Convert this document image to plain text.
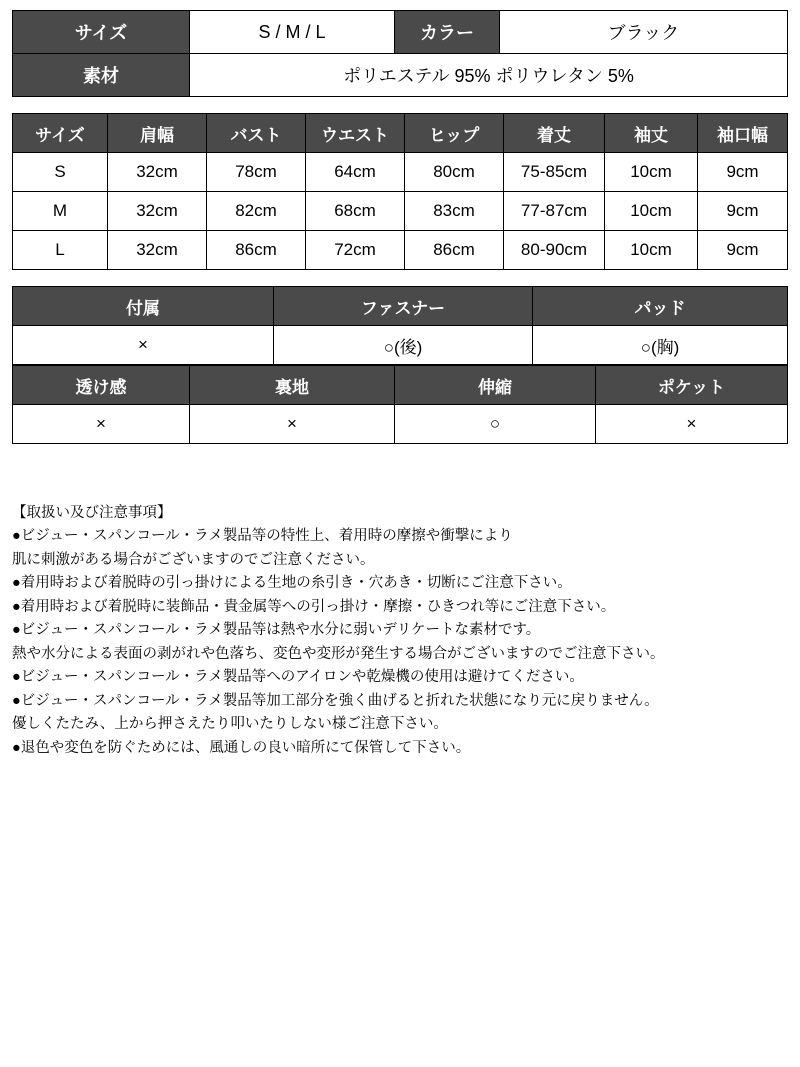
サイズ	S / M / L	カラー	ブラック
素材	ポリエステル 95% ポリウレタン 5%		
サイズ	肩幅	バスト	ウエスト	ヒップ	着丈	袖丈	袖口幅
S	32cm	78cm	64cm	80cm	75-85cm	10cm	9cm
M	32cm	82cm	68cm	83cm	77-87cm	10cm	9cm
L	32cm	86cm	72cm	86cm	80-90cm	10cm	9cm
付属	ファスナー	パッド
×	○(後)	○(胸)
透け感	裏地	伸縮	ポケット
×	×	○	×

【取扱い及び注意事項】

●ビジュー・スパンコール・ラメ製品等の特性上、着用時の摩擦や衝撃により

肌に刺激がある場合がございますのでご注意ください。

●着用時および着脱時の引っ掛けによる生地の糸引き・穴あき・切断にご注意下さい。

●着用時および着脱時に装飾品・貴金属等への引っ掛け・摩擦・ひきつれ等にご注意下さい。

●ビジュー・スパンコール・ラメ製品等は熱や水分に弱いデリケートな素材です。

熱や水分による表面の剥がれや色落ち、変色や変形が発生する場合がございますのでご注意下さい。

●ビジュー・スパンコール・ラメ製品等へのアイロンや乾燥機の使用は避けてください。

●ビジュー・スパンコール・ラメ製品等加工部分を強く曲げると折れた状態になり元に戻りません。

優しくたたみ、上から押さえたり叩いたりしない様ご注意下さい。

●退色や変色を防ぐためには、風通しの良い暗所にて保管して下さい。
